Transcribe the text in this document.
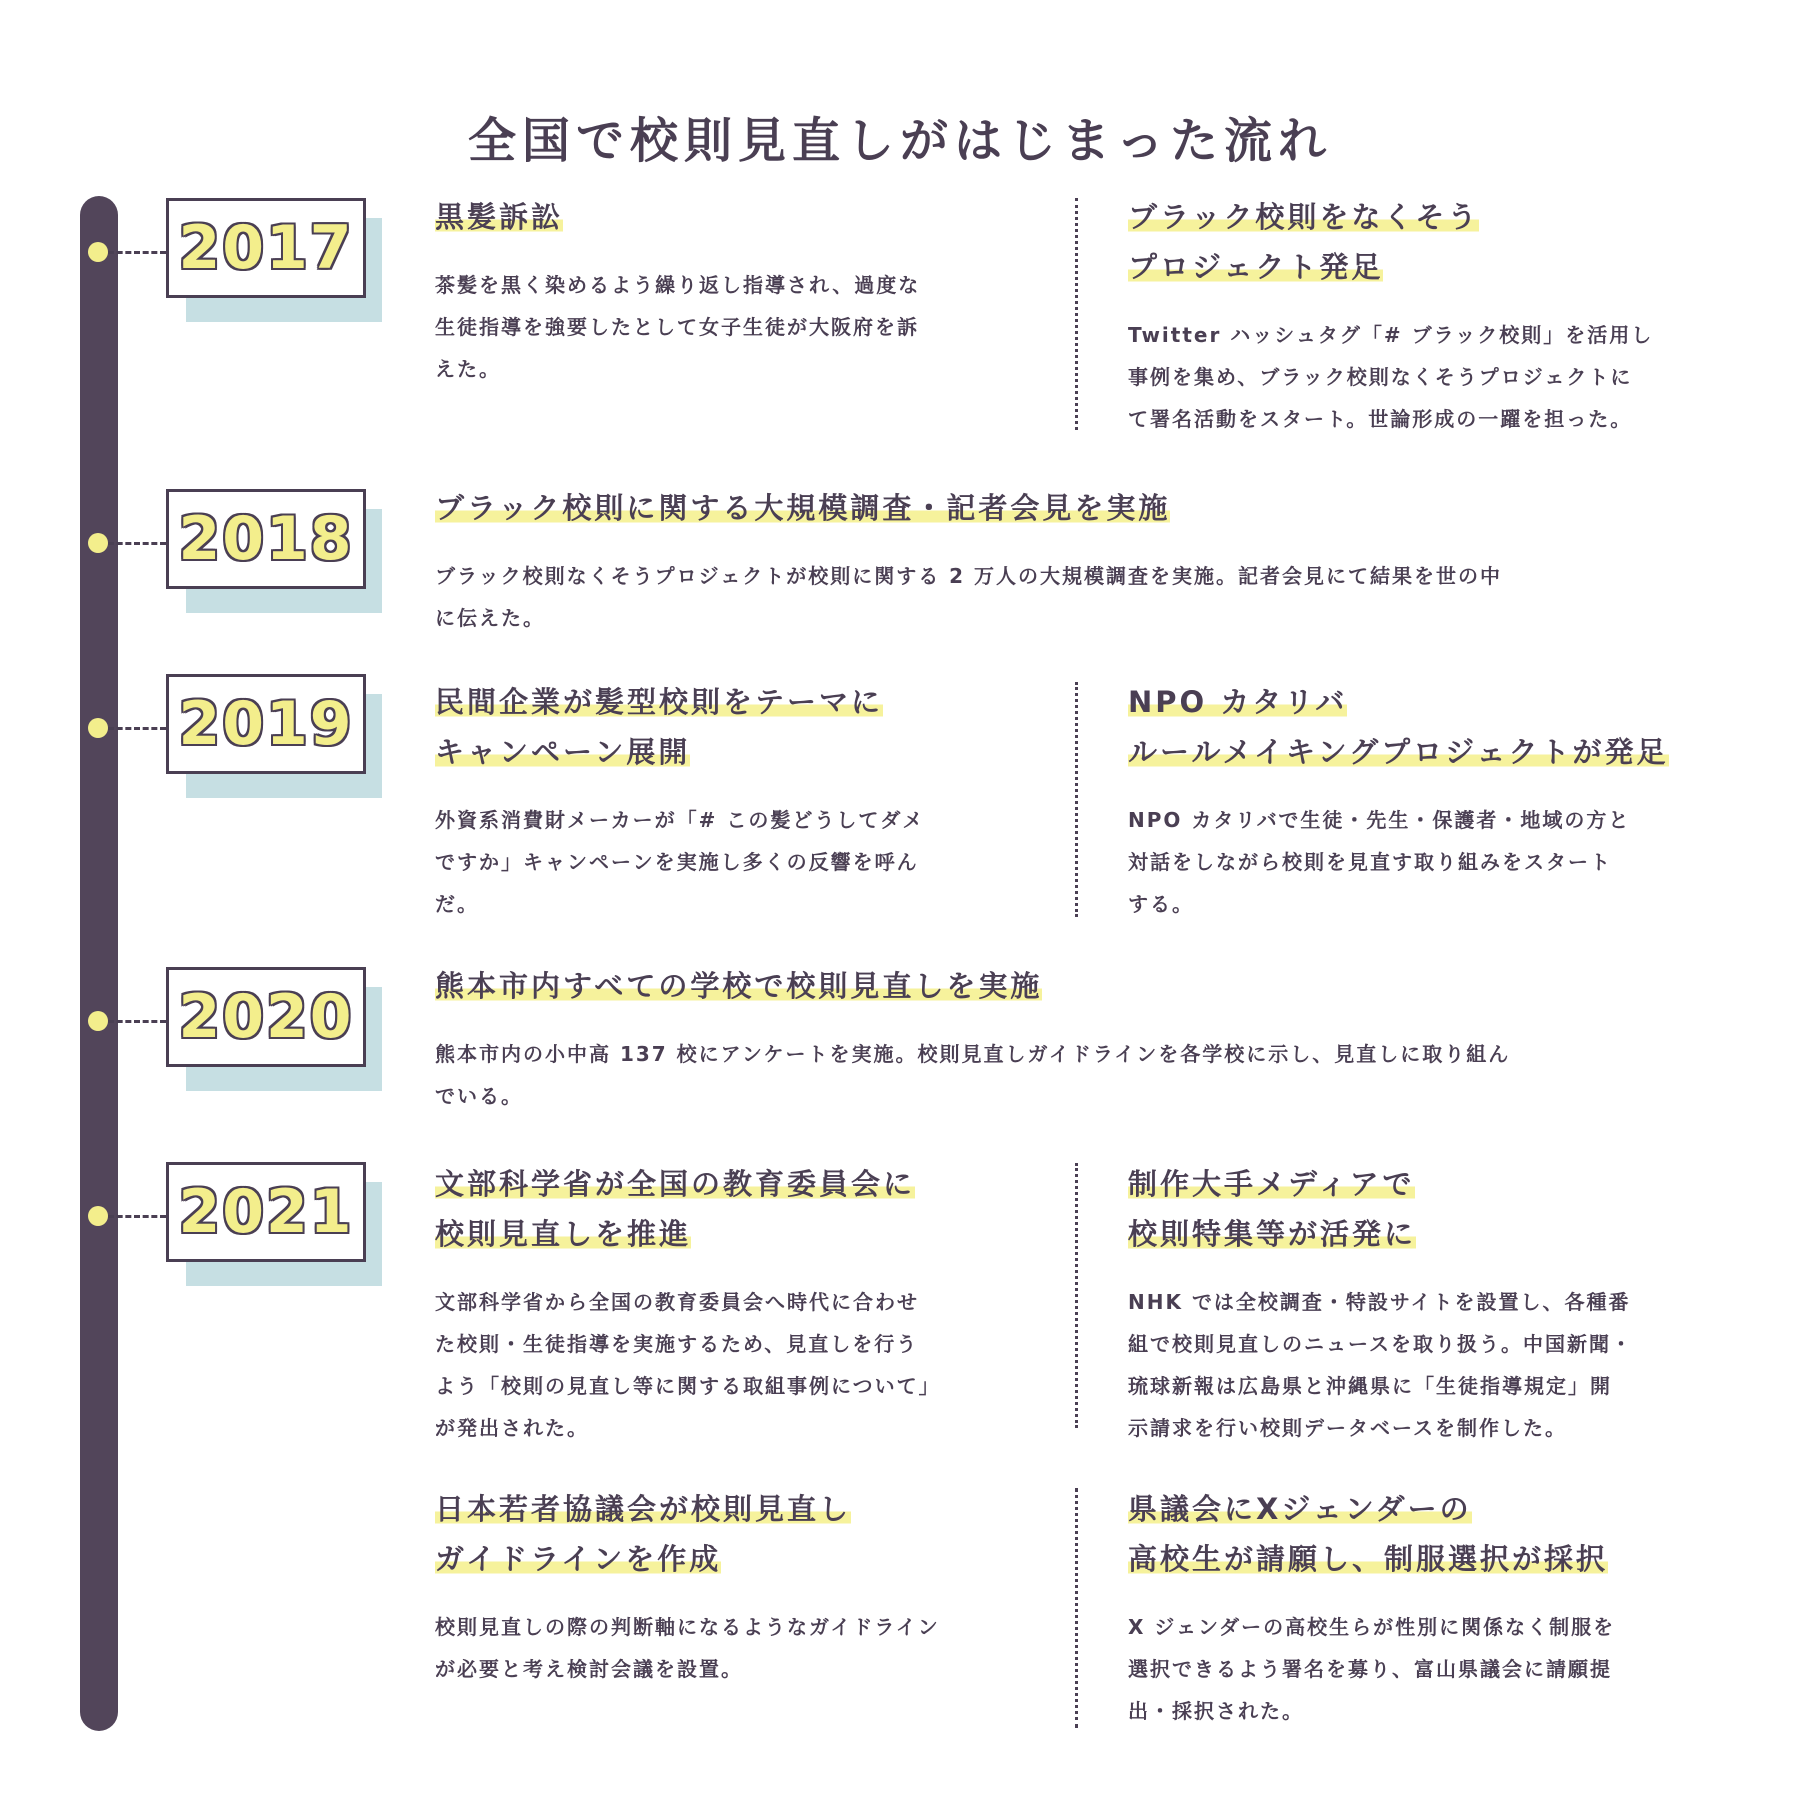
全国で校則見直しがはじまった流れ
2017
2018
2019
2020
2021
黒髪訴訟

茶髪を黒く染めるよう繰り返し指導され、過度な
生徒指導を強要したとして女子生徒が大阪府を訴
えた。

ブラック校則をなくそう
プロジェクト発足

Twitter ハッシュタグ「# ブラック校則」を活用し
事例を集め、ブラック校則なくそうプロジェクトに
て署名活動をスタート。世論形成の一躍を担った。

ブラック校則に関する大規模調査・記者会見を実施

ブラック校則なくそうプロジェクトが校則に関する 2 万人の大規模調査を実施。記者会見にて結果を世の中
に伝えた。

民間企業が髪型校則をテーマに
キャンペーン展開

外資系消費財メーカーが「# この髪どうしてダメ
ですか」キャンペーンを実施し多くの反響を呼ん
だ。

NPO カタリバ
ルールメイキングプロジェクトが発足

NPO カタリバで生徒・先生・保護者・地域の方と
対話をしながら校則を見直す取り組みをスタート
する。

熊本市内すべての学校で校則見直しを実施

熊本市内の小中高 137 校にアンケートを実施。校則見直しガイドラインを各学校に示し、見直しに取り組ん
でいる。

文部科学省が全国の教育委員会に
校則見直しを推進

文部科学省から全国の教育委員会へ時代に合わせ
た校則・生徒指導を実施するため、見直しを行う
よう「校則の見直し等に関する取組事例について」
が発出された。

制作大手メディアで
校則特集等が活発に

NHK では全校調査・特設サイトを設置し、各種番
組で校則見直しのニュースを取り扱う。中国新聞・
琉球新報は広島県と沖縄県に「生徒指導規定」開
示請求を行い校則データベースを制作した。

日本若者協議会が校則見直し
ガイドラインを作成

校則見直しの際の判断軸になるようなガイドライン
が必要と考え検討会議を設置。

県議会にXジェンダーの
高校生が請願し、制服選択が採択

X ジェンダーの高校生らが性別に関係なく制服を
選択できるよう署名を募り、富山県議会に請願提
出・採択された。
